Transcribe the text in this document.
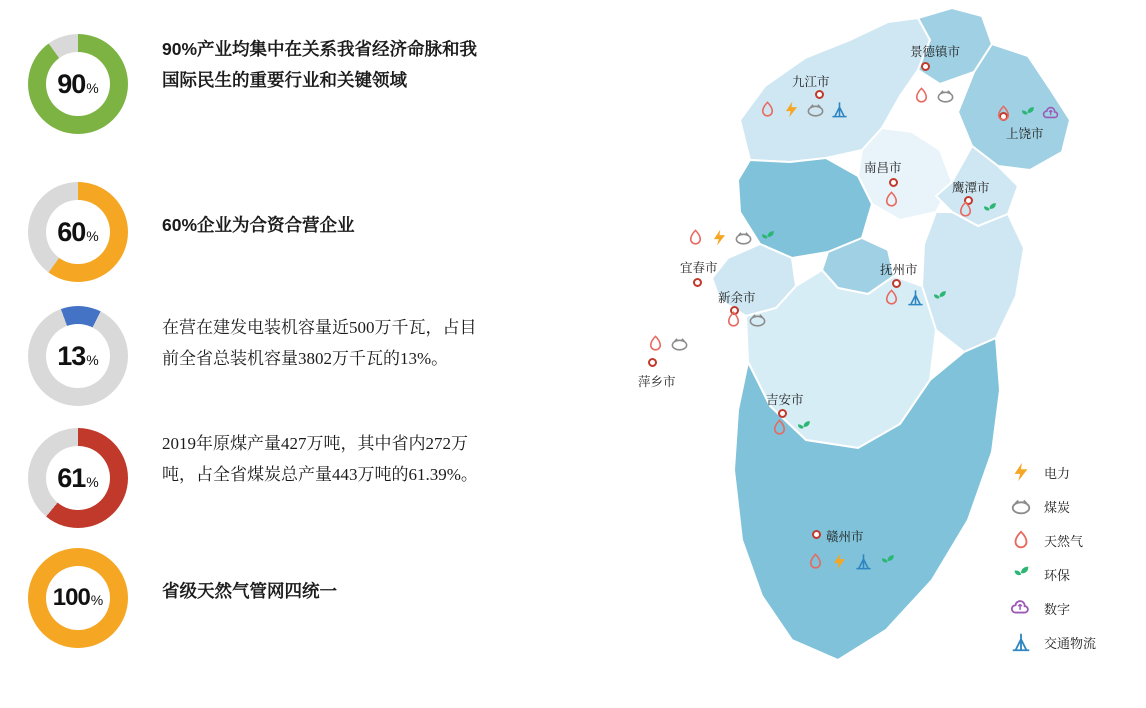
90 %
90%产业均集中在关系我省经济命脉和我国际民生的重要行业和关键领域
60 %
60%企业为合资合营企业
13 %
在营在建发电装机容量近500万千瓦，占目前全省总装机容量3802万千瓦的13%。
61 %
2019年原煤产量427万吨，其中省内272万吨，占全省煤炭总产量443万吨的61.39%。
100 %	省级天然气管网四统一
九江市
景德镇市
上饶市
南昌市
鹰潭市
宜春市
新余市
抚州市
萍乡市
吉安市
赣州市
电力
煤炭
天然气
环保
数字
交通物流
